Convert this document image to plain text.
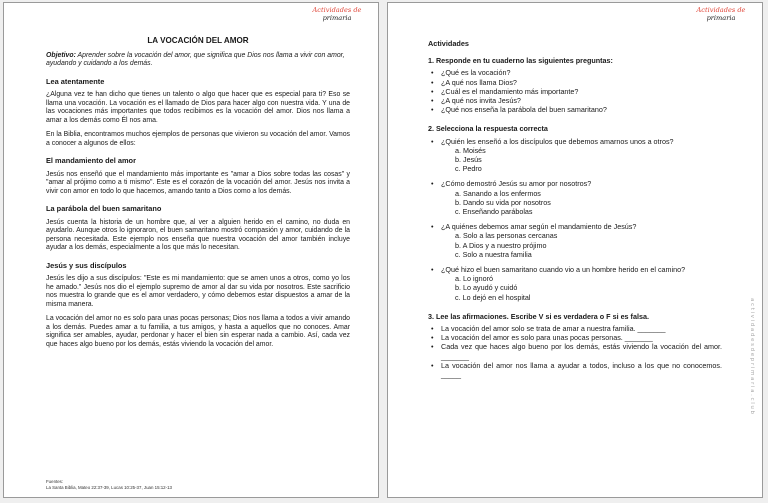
Actividades de
primaria
LA VOCACIÓN DEL AMOR
Objetivo: Aprender sobre la vocación del amor, que significa que Dios nos llama a vivir con amor, ayudando y cuidando a los demás.
Lea atentamente

¿Alguna vez te han dicho que tienes un talento o algo que hacer que es especial para ti? Eso se llama una vocación. La vocación es el llamado de Dios para hacer algo con nuestra vida. Y una de las vocaciones más importantes que todos recibimos es la vocación del amor. Dios nos llama a amar a los demás como Él nos ama.

En la Biblia, encontramos muchos ejemplos de personas que vivieron su vocación del amor. Vamos a conocer a algunos de ellos:

El mandamiento del amor

Jesús nos enseñó que el mandamiento más importante es "amar a Dios sobre todas las cosas" y "amar al prójimo como a ti mismo". Este es el corazón de la vocación del amor. Jesús nos invita a vivir con amor en todo lo que hacemos, amando tanto a Dios como a los demás.

La parábola del buen samaritano

Jesús cuenta la historia de un hombre que, al ver a alguien herido en el camino, no duda en ayudarlo. Aunque otros lo ignoraron, el buen samaritano mostró compasión y amor, cuidando de la persona necesitada. Este ejemplo nos enseña que nuestra vocación del amor también incluye ayudar a los demás, especialmente a los que más lo necesitan.

Jesús y sus discípulos

Jesús les dijo a sus discípulos: "Este es mi mandamiento: que se amen unos a otros, como yo los he amado." Jesús nos dio el ejemplo supremo de amor al dar su vida por nosotros. Este sacrificio nos muestra lo grande que es el amor verdadero, y cómo debemos estar dispuestos a amar de la misma manera.

La vocación del amor no es solo para unas pocas personas; Dios nos llama a todos a vivir amando a los demás. Puedes amar a tu familia, a tus amigos, y hasta a aquellos que no conoces. Amar significa ser amables, ayudar, perdonar y hacer el bien sin esperar nada a cambio. Así, cada vez que haces algo bueno por los demás, estás viviendo la vocación del amor.

Fuentes:
La Santa Biblia, Mateo 22:37-39, Lucas 10:25-37, Juan 15:12-13
Actividades de
primaria
actividadesdeprimaria.club
Actividades
1. Responde en tu cuaderno las siguientes preguntas:
• ¿Qué es la vocación?
• ¿A qué nos llama Dios?
• ¿Cuál es el mandamiento más importante?
• ¿A qué nos invita Jesús?
• ¿Qué nos enseña la parábola del buen samaritano?
2. Selecciona la respuesta correcta
• ¿Quién les enseñó a los discípulos que debemos amarnos unos a otros?
a. Moisés
b. Jesús
c. Pedro
• ¿Cómo demostró Jesús su amor por nosotros?
a. Sanando a los enfermos
b. Dando su vida por nosotros
c. Enseñando parábolas
• ¿A quiénes debemos amar según el mandamiento de Jesús?
a. Solo a las personas cercanas
b. A Dios y a nuestro prójimo
c. Solo a nuestra familia
• ¿Qué hizo el buen samaritano cuando vio a un hombre herido en el camino?
a. Lo ignoró
b. Lo ayudó y cuidó
c. Lo dejó en el hospital
3. Lee las afirmaciones. Escribe V si es verdadera o F si es falsa.
• La vocación del amor solo se trata de amar a nuestra familia. _______
• La vocación del amor es solo para unas pocas personas. _______
• Cada vez que haces algo bueno por los demás, estás viviendo la vocación del amor. _______
• La vocación del amor nos llama a ayudar a todos, incluso a los que no conocemos. _____
